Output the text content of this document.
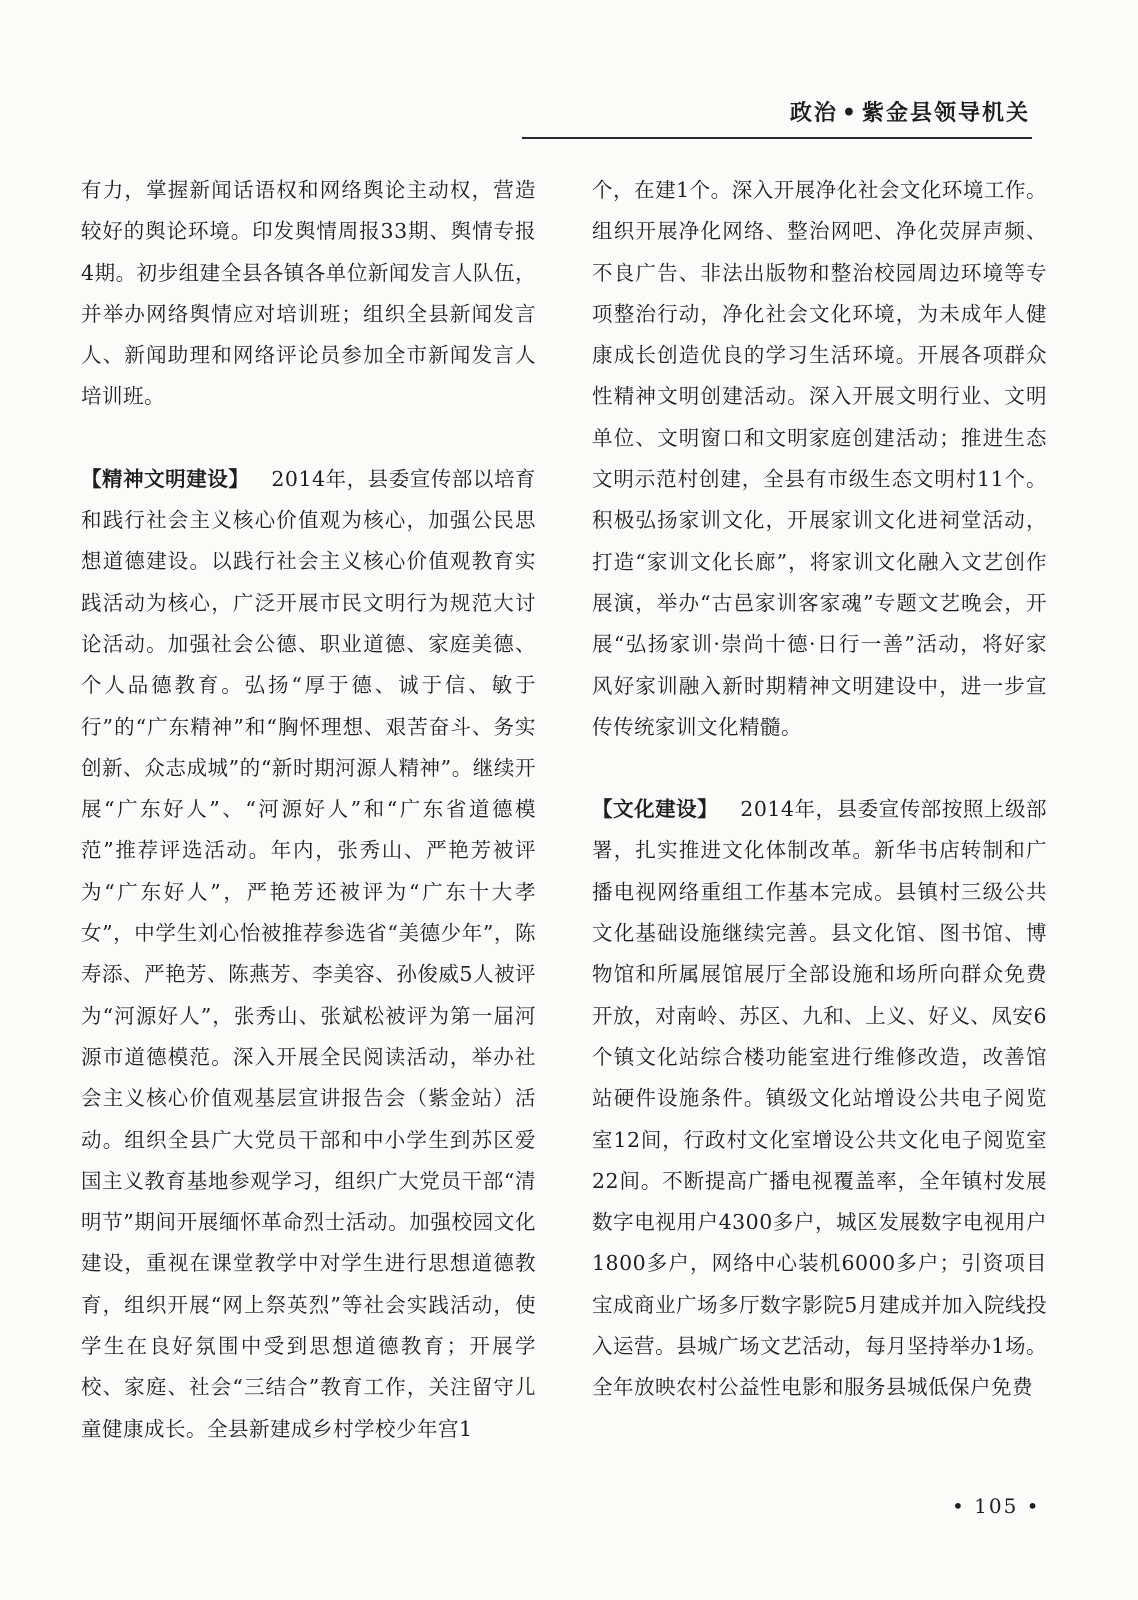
政治 • 紫金县领导机关

有力，掌握新闻话语权和网络舆论主动权，营造较好的舆论环境。印发舆情周报33期、舆情专报4期。初步组建全县各镇各单位新闻发言人队伍，并举办网络舆情应对培训班；组织全县新闻发言人、新闻助理和网络评论员参加全市新闻发言人培训班。

【精神文明建设】 2014年，县委宣传部以培育和践行社会主义核心价值观为核心，加强公民思想道德建设。以践行社会主义核心价值观教育实践活动为核心，广泛开展市民文明行为规范大讨论活动。加强社会公德、职业道德、家庭美德、个人品德教育。弘扬“厚于德、诚于信、敏于行”的“广东精神”和“胸怀理想、艰苦奋斗、务实创新、众志成城”的“新时期河源人精神”。继续开展“广东好人”、“河源好人”和“广东省道德模范”推荐评选活动。年内，张秀山、严艳芳被评为“广东好人”，严艳芳还被评为“广东十大孝女”，中学生刘心怡被推荐参选省“美德少年”，陈寿添、严艳芳、陈燕芳、李美容、孙俊威5人被评为“河源好人”，张秀山、张斌松被评为第一届河源市道德模范。深入开展全民阅读活动，举办社会主义核心价值观基层宣讲报告会（紫金站）活动。组织全县广大党员干部和中小学生到苏区爱国主义教育基地参观学习，组织广大党员干部“清明节”期间开展缅怀革命烈士活动。加强校园文化建设，重视在课堂教学中对学生进行思想道德教育，组织开展“网上祭英烈”等社会实践活动，使学生在良好氛围中受到思想道德教育；开展学校、家庭、社会“三结合”教育工作，关注留守儿童健康成长。全县新建成乡村学校少年宫1

个，在建1个。深入开展净化社会文化环境工作。组织开展净化网络、整治网吧、净化荧屏声频、不良广告、非法出版物和整治校园周边环境等专项整治行动，净化社会文化环境，为未成年人健康成长创造优良的学习生活环境。开展各项群众性精神文明创建活动。深入开展文明行业、文明单位、文明窗口和文明家庭创建活动；推进生态文明示范村创建，全县有市级生态文明村11个。积极弘扬家训文化，开展家训文化进祠堂活动，打造“家训文化长廊”，将家训文化融入文艺创作展演，举办“古邑家训客家魂”专题文艺晚会，开展“弘扬家训·崇尚十德·日行一善”活动，将好家风好家训融入新时期精神文明建设中，进一步宣传传统家训文化精髓。

【文化建设】 2014年，县委宣传部按照上级部署，扎实推进文化体制改革。新华书店转制和广播电视网络重组工作基本完成。县镇村三级公共文化基础设施继续完善。县文化馆、图书馆、博物馆和所属展馆展厅全部设施和场所向群众免费开放，对南岭、苏区、九和、上义、好义、凤安6个镇文化站综合楼功能室进行维修改造，改善馆站硬件设施条件。镇级文化站增设公共电子阅览室12间，行政村文化室增设公共文化电子阅览室22间。不断提高广播电视覆盖率，全年镇村发展数字电视用户4300多户，城区发展数字电视用户1800多户，网络中心装机6000多户；引资项目宝成商业广场多厅数字影院5月建成并加入院线投入运营。县城广场文艺活动，每月坚持举办1场。全年放映农村公益性电影和服务县城低保户免费

• 105 •
